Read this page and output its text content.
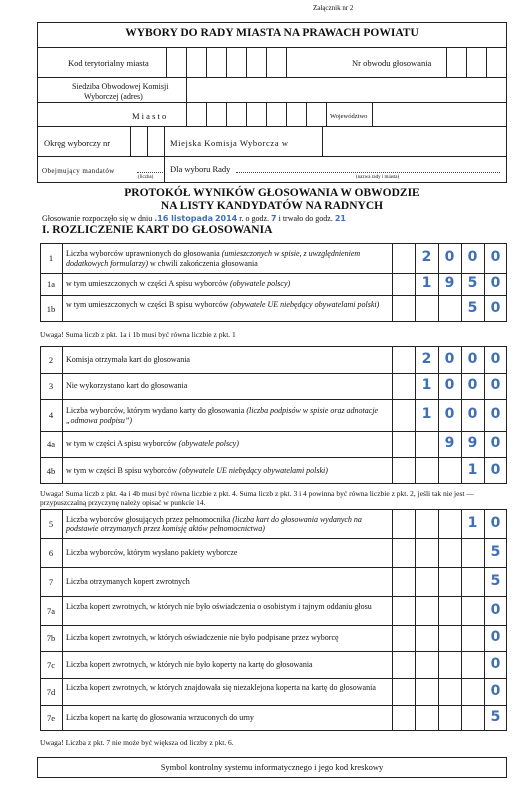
Załącznik nr 2
WYBORY DO RADY MIASTA NA PRAWACH POWIATU
Kod terytorialny miasta	Nr obwodu głosowania
Siedziba Obwodowej Komisji
Wyborczej (adres)
M i a s t o	Województwo
Okręg wyborczy nr	Miejska Komisja Wyborcza w
Obejmujący mandatów
(liczba)
Dla wyboru Rady
(nazwa rady i miasta)
PROTOKÓŁ WYNIKÓW GŁOSOWANIA W OBWODZIE
NA LISTY KANDYDATÓW NA RADNYCH
Głosowanie rozpoczęło się w dniu .16 listopada 2014 r. o godz. 7 i trwało do godz. 21
I. ROZLICZENIE KART DO GŁOSOWANIA
1	Liczba wyborców uprawnionych do głosowania (umieszczonych w spisie, z uwzględnieniem dodatkowych formularzy) w chwili zakończenia głosowania	2 0 0 0
1a	w tym umieszczonych w części A spisu wyborców (obywatele polscy)	1 9 5 0
1b	w tym umieszczonych w części B spisu wyborców (obywatele UE niebędący obywatelami polski)	5 0
2	Komisja otrzymała kart do głosowania	2 0 0 0
3	Nie wykorzystano kart do głosowania	1 0 0 0
4	Liczba wyborców, którym wydano karty do głosowania (liczba podpisów w spisie oraz adnotacje „odmowa podpisu”)	1 0 0 0
4a	w tym w części A spisu wyborców (obywatele polscy)	9 9 0
4b	w tym w części B spisu wyborców (obywatele UE niebędący obywatelami polski)	1 0
5	Liczba wyborców głosujących przez pełnomocnika (liczba kart do głosowania wydanych na podstawie otrzymanych przez komisję aktów pełnomocnictwa)	1 0
6	Liczba wyborców, którym wysłano pakiety wyborcze	5
7	Liczba otrzymanych kopert zwrotnych	5
7a	Liczba kopert zwrotnych, w których nie było oświadczenia o osobistym i tajnym oddaniu głosu	0
7b	Liczba kopert zwrotnych, w których oświadczenie nie było podpisane przez wyborcę	0
7c	Liczba kopert zwrotnych, w których nie było koperty na kartę do głosowania	0
7d	Liczba kopert zwrotnych, w których znajdowała się niezaklejona koperta na kartę do głosowania	0
7e	Liczba kopert na kartę do głosowania wrzuconych do urny	5
Uwaga! Suma liczb z pkt. 1a i 1b musi być równa liczbie z pkt. 1
Uwaga! Suma liczb z pkt. 4a i 4b musi być równa liczbie z pkt. 4. Suma liczb z pkt. 3 i 4 powinna być równa liczbie z pkt. 2, jeśli tak nie jest — przypuszczalną przyczynę należy opisać w punkcie 14.
Uwaga! Liczba z pkt. 7 nie może być większa od liczby z pkt. 6.
Symbol kontrolny systemu informatycznego i jego kod kreskowy
